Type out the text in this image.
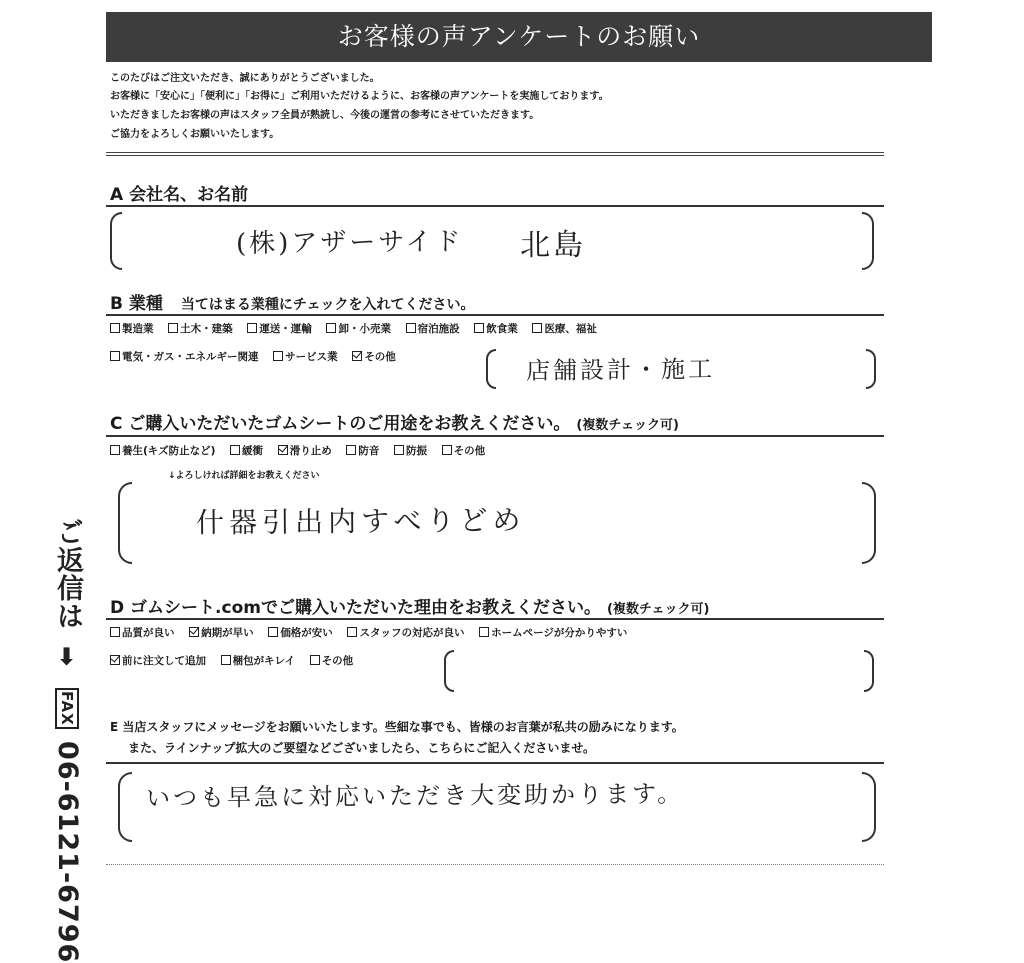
お客様の声アンケートのお願い
このたびはご注文いただき、誠にありがとうございました。
お客様に「安心に」「便利に」「お得に」ご利用いただけるように、お客様の声アンケートを実施しております。
いただきましたお客様の声はスタッフ全員が熟読し、今後の運営の参考にさせていただきます。
ご協力をよろしくお願いいたします。
A 会社名、お名前
(株)アザーサイド 北島
B 業種 当てはまる業種にチェックを入れてください。
製造業	土木・建築	運送・運輸	卸・小売業	宿泊施設	飲食業	医療、福祉
電気・ガス・エネルギー関連	サービス業	その他	店舗設計・施工
C ご購入いただいたゴムシートのご用途をお教えください。 (複数チェック可)
養生(キズ防止など)	緩衝	滑り止め	防音	防振	その他
↓よろしければ詳細をお教えください
什器引出内すべりどめ
D ゴムシート.comでご購入いただいた理由をお教えください。 (複数チェック可)
品質が良い	納期が早い	価格が安い	スタッフの対応が良い	ホームページが分かりやすい
前に注文して追加	梱包がキレイ	その他
E 当店スタッフにメッセージをお願いいたします。些細な事でも、皆様のお言葉が私共の励みになります。
また、ラインナップ拡大のご要望などございましたら、こちらにご記入くださいませ。
いつも早急に対応いただき大変助かります。
ご返信は ➡ FAX 06-6121-6796
